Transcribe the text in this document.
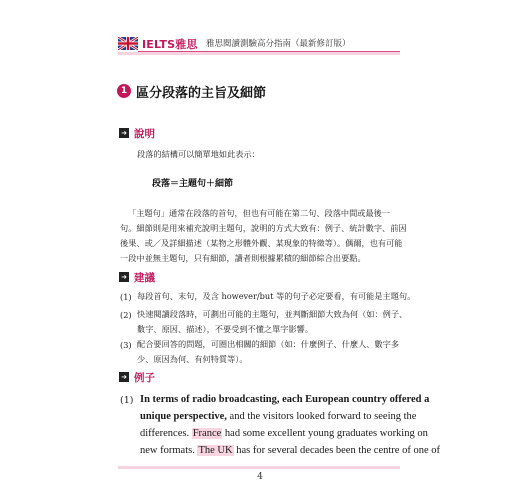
IELTS雅思 雅思閱讀測驗高分指南（最新修訂版）
1 區分段落的主旨及細節
➜ 說明
段落的結構可以簡單地如此表示：
段落＝主題句＋細節
「主題句」通常在段落的首句，但也有可能在第二句、段落中間或最後一
句。細節則是用來補充說明主題句，說明的方式大致有：例子、統計數字、前因
後果、或／及詳細描述（某物之形體外觀、某現象的特徵等）。偶爾，也有可能
一段中並無主題句，只有細節，讀者則根據累積的細節綜合出要點。
➜ 建議
(1) 每段首句、末句，及含 however/but 等的句子必定要看，有可能是主題句。
(2) 快速閱讀段落時，可劃出可能的主題句，並判斷細節大致為何（如：例子、
數字、原因、描述），不要受到不懂之單字影響。
(3) 配合要回答的問題，可圈出相關的細節（如：什麼例子、什麼人、數字多
少、原因為何、有何特質等）。
➜ 例子
(1) In terms of radio broadcasting, each European country offered a
unique perspective, and the visitors looked forward to seeing the
differences. France had some excellent young graduates working on
new formats. The UK has for several decades been the centre of one of
4
